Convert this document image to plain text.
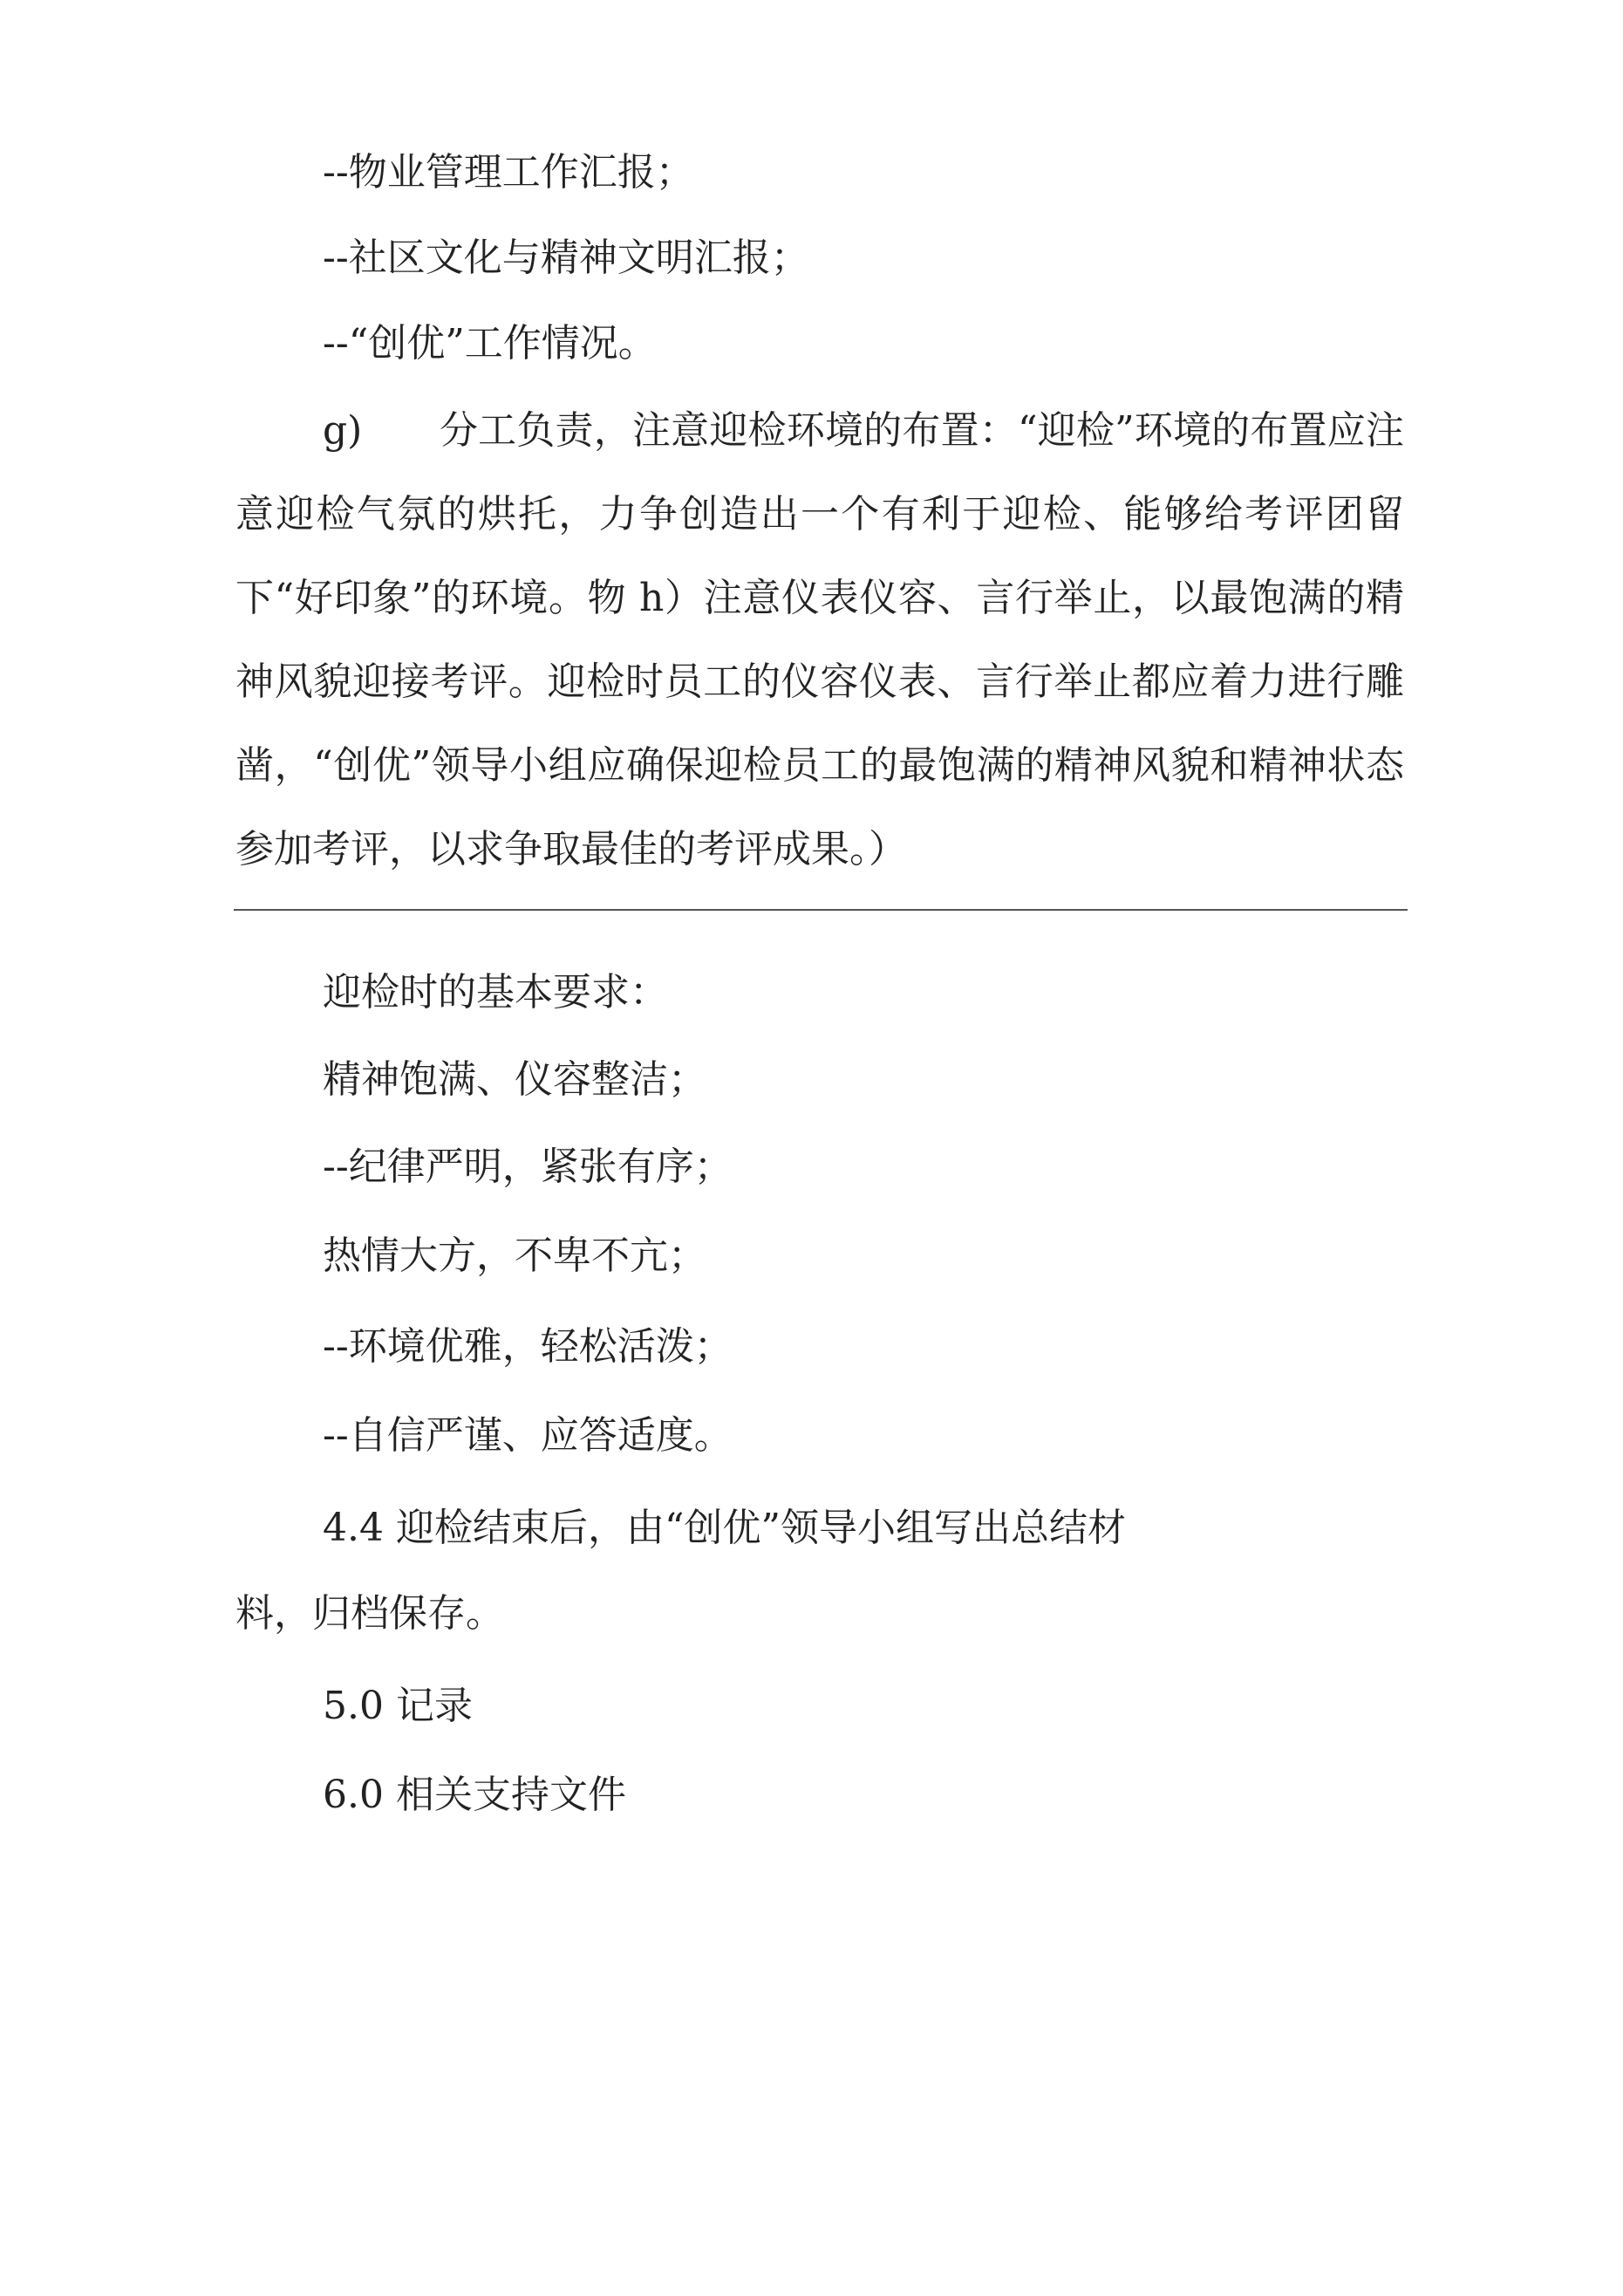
--物业管理工作汇报；

--社区文化与精神文明汇报；

--“创优”工作情况。

g)　　分工负责，注意迎检环境的布置：“迎检”环境的布置应注意迎检气氛的烘托，力争创造出一个有利于迎检、能够给考评团留下“好印象”的环境。物 h）注意仪表仪容、言行举止，以最饱满的精神风貌迎接考评。迎检时员工的仪容仪表、言行举止都应着力进行雕凿，“创优”领导小组应确保迎检员工的最饱满的精神风貌和精神状态参加考评，以求争取最佳的考评成果。）

迎检时的基本要求：

精神饱满、仪容整洁；

--纪律严明，紧张有序；

热情大方，不卑不亢；

--环境优雅，轻松活泼；

--自信严谨、应答适度。

4.4 迎检结束后，由“创优”领导小组写出总结材

料，归档保存。

5.0 记录

6.0 相关支持文件
